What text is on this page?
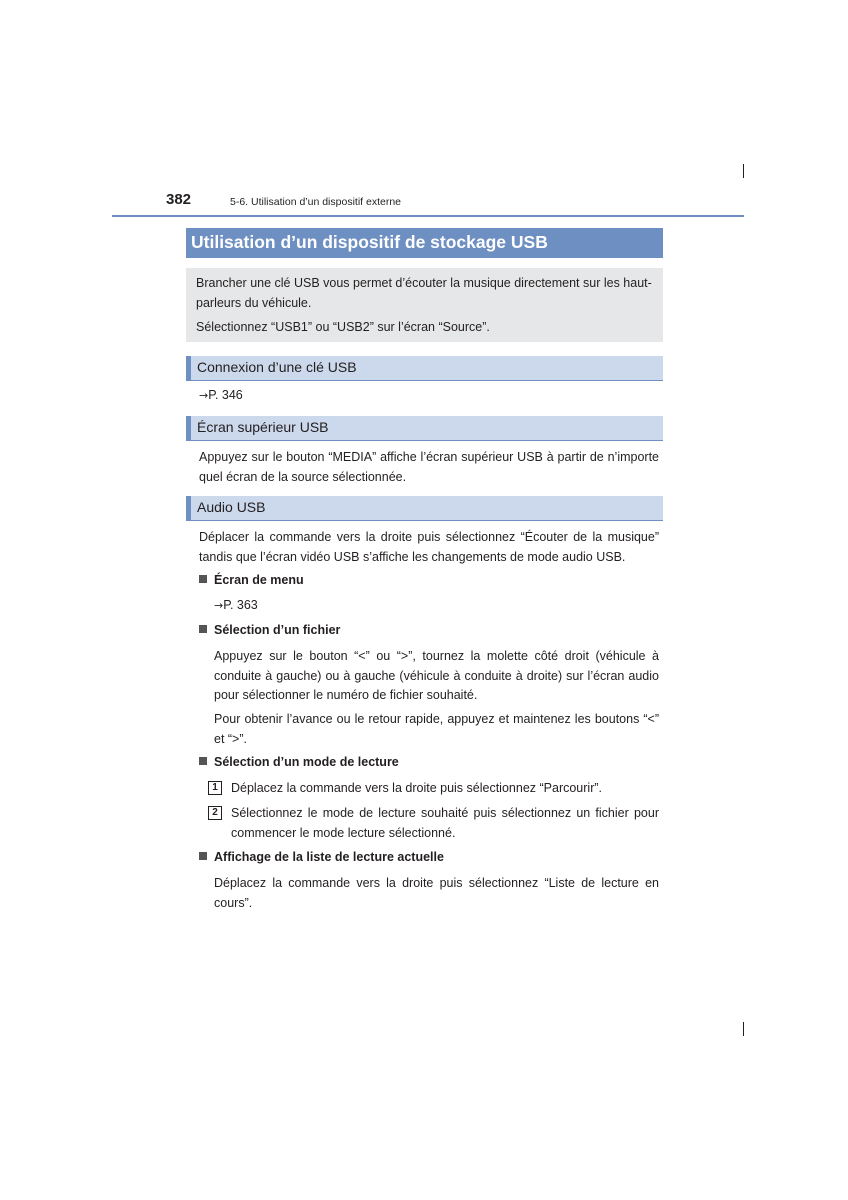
382	5-6. Utilisation d’un dispositif externe
Utilisation d’un dispositif de stockage USB

Brancher une clé USB vous permet d’écouter la musique directement sur les haut-parleurs du véhicule.

Sélectionnez “USB1” ou “USB2” sur l’écran “Source”.

Connexion d’une clé USB
→P. 346
Écran supérieur USB
Appuyez sur le bouton “MEDIA” affiche l’écran supérieur USB à partir de n’importe quel écran de la source sélectionnée.
Audio USB
Déplacer la commande vers la droite puis sélectionnez “Écouter de la musique” tandis que l’écran vidéo USB s’affiche les changements de mode audio USB.
Écran de menu
→P. 363
Sélection d’un fichier
Appuyez sur le bouton “<” ou “>”, tournez la molette côté droit (véhicule à conduite à gauche) ou à gauche (véhicule à conduite à droite) sur l’écran audio pour sélectionner le numéro de fichier souhaité.
Pour obtenir l’avance ou le retour rapide, appuyez et maintenez les boutons “<” et “>”.
Sélection d’un mode de lecture
1	Déplacez la commande vers la droite puis sélectionnez “Parcourir”.
2	Sélectionnez le mode de lecture souhaité puis sélectionnez un fichier pour commencer le mode lecture sélectionné.
Affichage de la liste de lecture actuelle
Déplacez la commande vers la droite puis sélectionnez “Liste de lecture en cours”.
